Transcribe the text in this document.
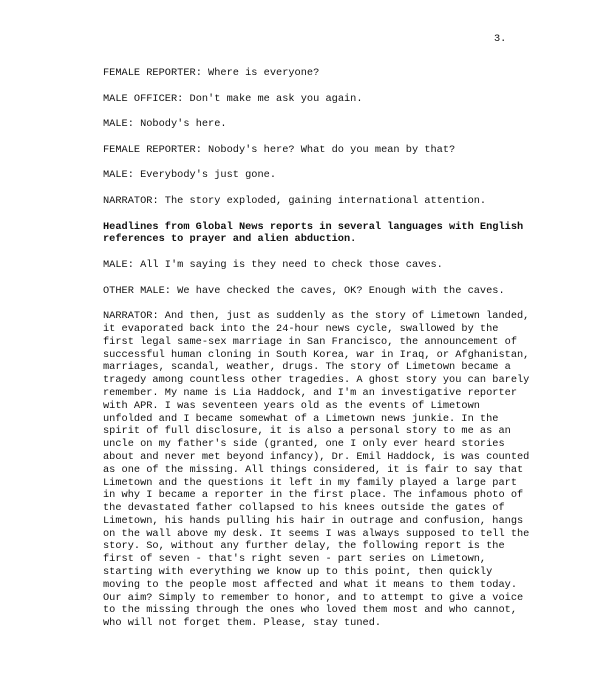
3.

FEMALE REPORTER : Where is everyone?

MALE OFFICER : Don't make me ask you again.

MALE : Nobody's here.

FEMALE REPORTER : Nobody's here? What do you mean by that?

MALE : Everybody's just gone.

NARRATOR : The story exploded, gaining international attention.

Headlines from Global News reports in several languages with English references to prayer and alien abduction.

MALE : All I'm saying is they need to check those caves.

OTHER MALE : We have checked the caves, OK? Enough with the caves.

NARRATOR : And then, just as suddenly as the story of Limetown landed, it evaporated back into the 24-hour news cycle, swallowed by the first legal same-sex marriage in San Francisco, the announcement of successful human cloning in South Korea, war in Iraq, or Afghanistan, marriages, scandal, weather, drugs. The story of Limetown became a tragedy among countless other tragedies. A ghost story you can barely remember. My name is Lia Haddock, and I'm an investigative reporter with APR. I was seventeen years old as the events of Limetown unfolded and I became somewhat of a Limetown news junkie. In the spirit of full disclosure, it is also a personal story to me as an uncle on my father's side (granted, one I only ever heard stories about and never met beyond infancy), Dr. Emil Haddock, is was counted as one of the missing. All things considered, it is fair to say that Limetown and the questions it left in my family played a large part in why I became a reporter in the first place. The infamous photo of the devastated father collapsed to his knees outside the gates of Limetown, his hands pulling his hair in outrage and confusion, hangs on the wall above my desk. It seems I was always supposed to tell the story. So, without any further delay, the following report is the first of seven - that's right seven - part series on Limetown, starting with everything we know up to this point, then quickly moving to the people most affected and what it means to them today. Our aim? Simply to remember to honor, and to attempt to give a voice to the missing through the ones who loved them most and who cannot, who will not forget them. Please, stay tuned.
